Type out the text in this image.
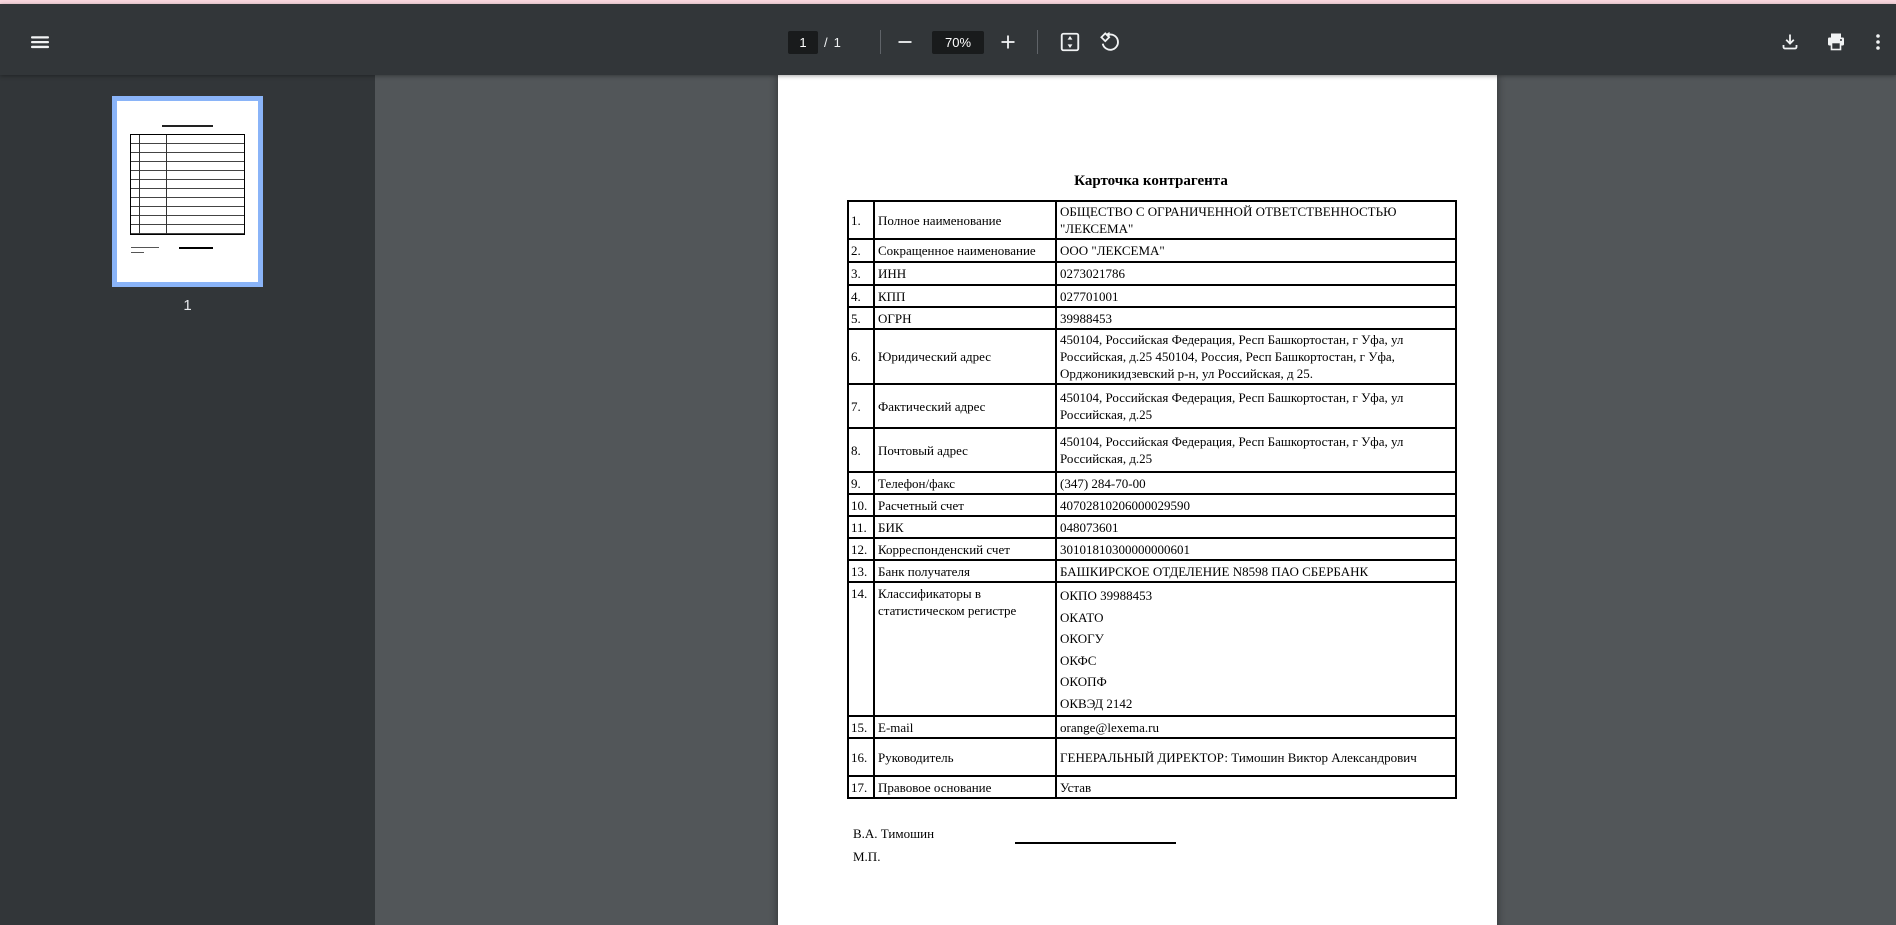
1
/ 1
70%
1
Карточка контрагента
1.	Полное наименование	ОБЩЕСТВО С ОГРАНИЧЕННОЙ ОТВЕТСТВЕННОСТЬЮ "ЛЕКСЕМА"
2.	Сокращенное наименование	ООО "ЛЕКСЕМА"
3.	ИНН	0273021786
4.	КПП	027701001
5.	ОГРН	39988453
6.	Юридический адрес	450104, Российская Федерация, Респ Башкортостан, г Уфа, ул Российская, д.25 450104, Россия, Респ Башкортостан, г Уфа, Орджоникидзевский р-н, ул Российская, д 25.
7.	Фактический адрес	450104, Российская Федерация, Респ Башкортостан, г Уфа, ул Российская, д.25
8.	Почтовый адрес	450104, Российская Федерация, Респ Башкортостан, г Уфа, ул Российская, д.25
9.	Телефон/факс	(347) 284-70-00
10.	Расчетный счет	40702810206000029590
11.	БИК	048073601
12.	Корреспонденский счет	30101810300000000601
13.	Банк получателя	БАШКИРСКОЕ ОТДЕЛЕНИЕ N8598 ПАО СБЕРБАНК
14.	Классификаторы в статистическом регистре	
ОКПО 39988453
ОКАТО
ОКОГУ
ОКФС
ОКОПФ
ОКВЭД 2142

15.	E-mail	orange@lexema.ru
16.	Руководитель	ГЕНЕРАЛЬНЫЙ ДИРЕКТОР: Тимошин Виктор Александрович
17.	Правовое основание	Устав
В.А. Тимошин
М.П.
